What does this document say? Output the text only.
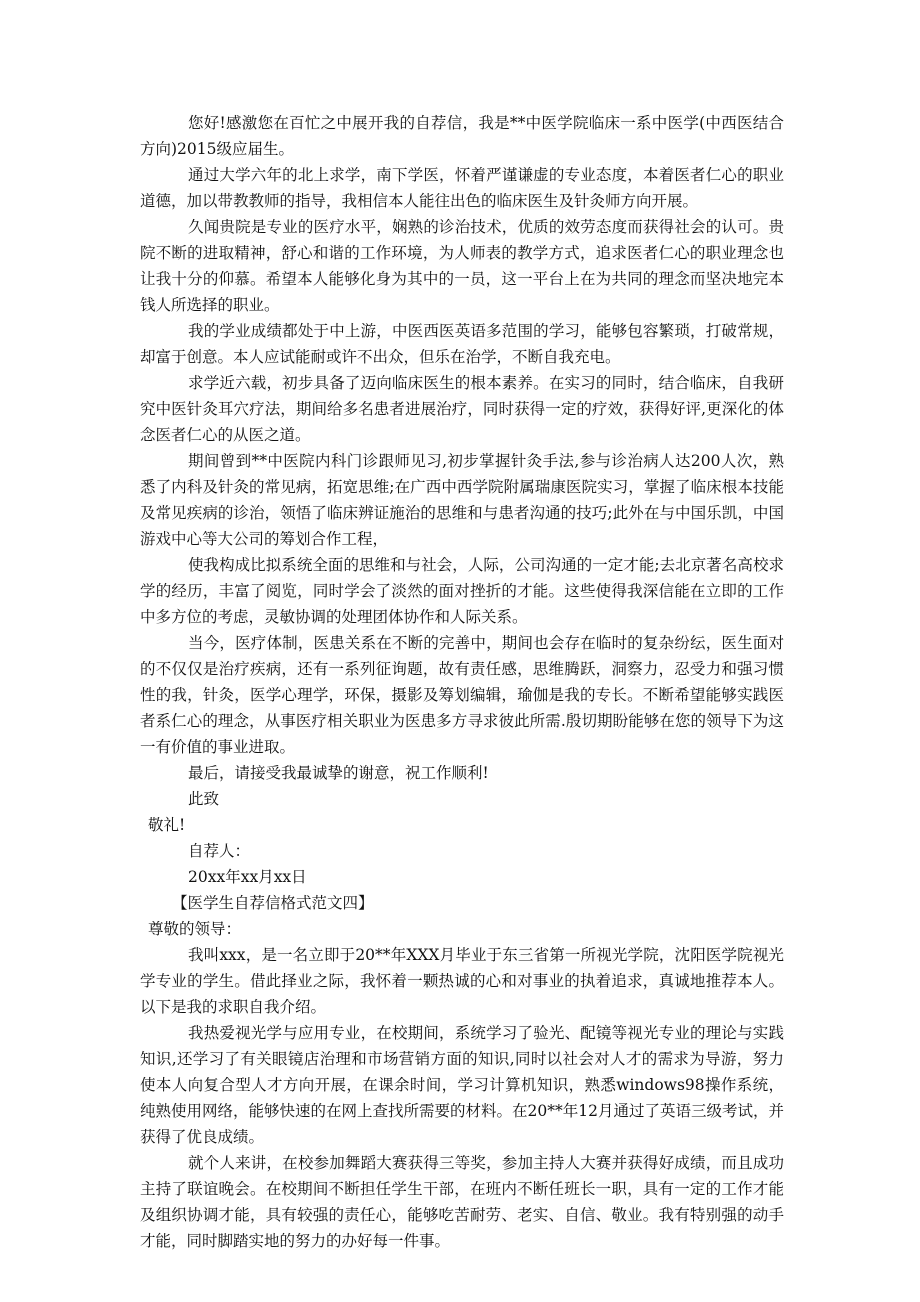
您好!感激您在百忙之中展开我的自荐信，我是**中医学院临床一系中医学(中西医结合方向)2015级应届生。

通过大学六年的北上求学，南下学医，怀着严谨谦虚的专业态度，本着医者仁心的职业道德，加以带教教师的指导，我相信本人能往出色的临床医生及针灸师方向开展。

久闻贵院是专业的医疗水平，娴熟的诊治技术，优质的效劳态度而获得社会的认可。贵院不断的进取精神，舒心和谐的工作环境，为人师表的教学方式，追求医者仁心的职业理念也让我十分的仰慕。希望本人能够化身为其中的一员，这一平台上在为共同的理念而坚决地完本钱人所选择的职业。

我的学业成绩都处于中上游，中医西医英语多范围的学习，能够包容繁琐，打破常规，却富于创意。本人应试能耐或许不出众，但乐在治学，不断自我充电。

求学近六载，初步具备了迈向临床医生的根本素养。在实习的同时，结合临床，自我研究中医针灸耳穴疗法，期间给多名患者进展治疗，同时获得一定的疗效，获得好评,更深化的体念医者仁心的从医之道。

期间曾到**中医院内科门诊跟师见习,初步掌握针灸手法,参与诊治病人达200人次，熟悉了内科及针灸的常见病，拓宽思维;在广西中西学院附属瑞康医院实习，掌握了临床根本技能及常见疾病的诊治，领悟了临床辨证施治的思维和与患者沟通的技巧;此外在与中国乐凯，中国游戏中心等大公司的筹划合作工程，

使我构成比拟系统全面的思维和与社会，人际，公司沟通的一定才能;去北京著名高校求学的经历，丰富了阅览，同时学会了淡然的面对挫折的才能。这些使得我深信能在立即的工作中多方位的考虑，灵敏协调的处理团体协作和人际关系。

当今，医疗体制，医患关系在不断的完善中，期间也会存在临时的复杂纷纭，医生面对的不仅仅是治疗疾病，还有一系列征询题，故有责任感，思维腾跃，洞察力，忍受力和强习惯性的我，针灸，医学心理学，环保，摄影及筹划编辑，瑜伽是我的专长。不断希望能够实践医者系仁心的理念，从事医疗相关职业为医患多方寻求彼此所需.殷切期盼能够在您的领导下为这一有价值的事业进取。

最后，请接受我最诚挚的谢意，祝工作顺利!

此致

敬礼!

自荐人：

20xx年xx月xx日

【医学生自荐信格式范文四】

尊敬的领导：

我叫xxx，是一名立即于20**年XXX月毕业于东三省第一所视光学院，沈阳医学院视光学专业的学生。借此择业之际，我怀着一颗热诚的心和对事业的执着追求，真诚地推荐本人。以下是我的求职自我介绍。

我热爱视光学与应用专业，在校期间，系统学习了验光、配镜等视光专业的理论与实践知识,还学习了有关眼镜店治理和市场营销方面的知识,同时以社会对人才的需求为导游，努力使本人向复合型人才方向开展，在课余时间，学习计算机知识，熟悉windows98操作系统，纯熟使用网络，能够快速的在网上查找所需要的材料。在20**年12月通过了英语三级考试，并获得了优良成绩。

就个人来讲，在校参加舞蹈大赛获得三等奖，参加主持人大赛并获得好成绩，而且成功主持了联谊晚会。在校期间不断担任学生干部，在班内不断任班长一职，具有一定的工作才能及组织协调才能，具有较强的责任心，能够吃苦耐劳、老实、自信、敬业。我有特别强的动手才能，同时脚踏实地的努力的办好每一件事。
